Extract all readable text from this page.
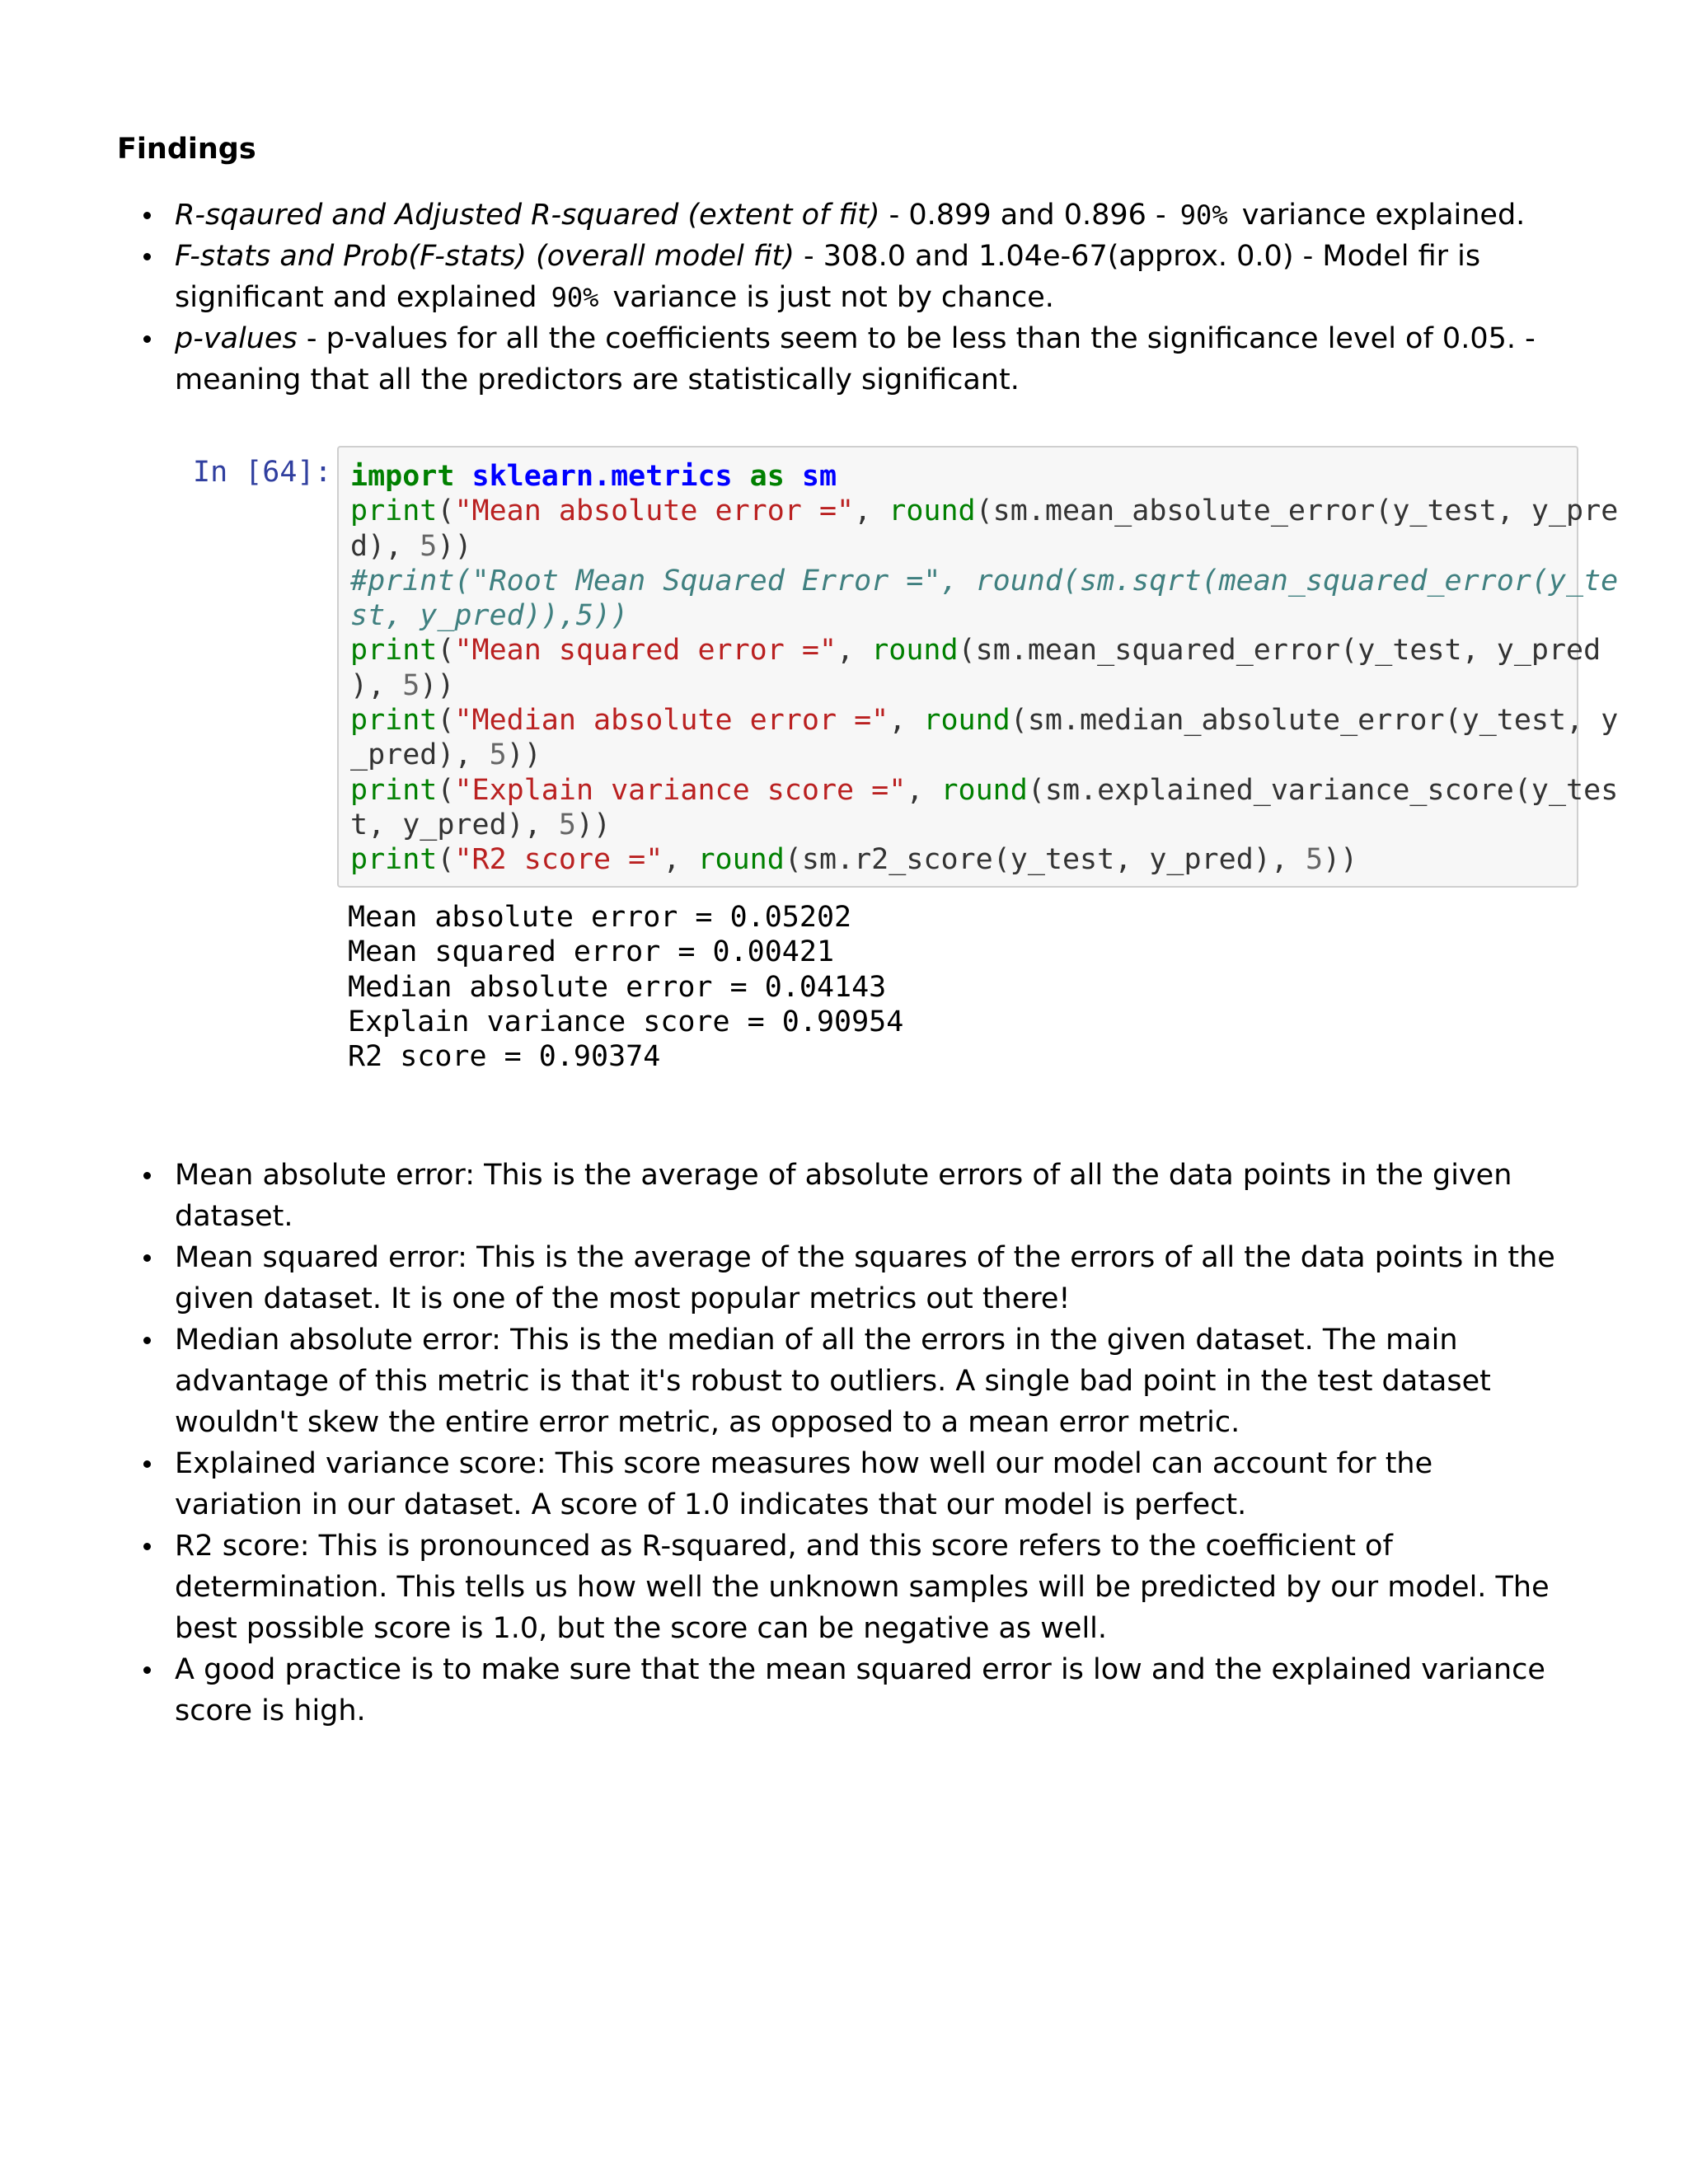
Findings
R-sqaured and Adjusted R-squared (extent of fit) - 0.899 and 0.896 - 90% variance explained.
F-stats and Prob(F-stats) (overall model fit) - 308.0 and 1.04e-67(approx. 0.0) - Model fir is significant and explained 90% variance is just not by chance.
p-values - p-values for all the coefficients seem to be less than the significance level of 0.05. - meaning that all the predictors are statistically significant.
In [64]: import sklearn.metrics as sm
print("Mean absolute error =", round(sm.mean_absolute_error(y_test, y_pre
d), 5))
#print("Root Mean Squared Error =", round(sm.sqrt(mean_squared_error(y_te
st, y_pred)),5))
print("Mean squared error =", round(sm.mean_squared_error(y_test, y_pred
), 5))
print("Median absolute error =", round(sm.median_absolute_error(y_test, y
_pred), 5))
print("Explain variance score =", round(sm.explained_variance_score(y_tes
t, y_pred), 5))
print("R2 score =", round(sm.r2_score(y_test, y_pred), 5))
Mean absolute error = 0.05202
Mean squared error = 0.00421
Median absolute error = 0.04143
Explain variance score = 0.90954
R2 score = 0.90374
Mean absolute error: This is the average of absolute errors of all the data points in the given dataset.
Mean squared error: This is the average of the squares of the errors of all the data points in the given dataset. It is one of the most popular metrics out there!
Median absolute error: This is the median of all the errors in the given dataset. The main advantage of this metric is that it's robust to outliers. A single bad point in the test dataset wouldn't skew the entire error metric, as opposed to a mean error metric.
Explained variance score: This score measures how well our model can account for the variation in our dataset. A score of 1.0 indicates that our model is perfect.
R2 score: This is pronounced as R-squared, and this score refers to the coefficient of determination. This tells us how well the unknown samples will be predicted by our model. The best possible score is 1.0, but the score can be negative as well.
A good practice is to make sure that the mean squared error is low and the explained variance score is high.
